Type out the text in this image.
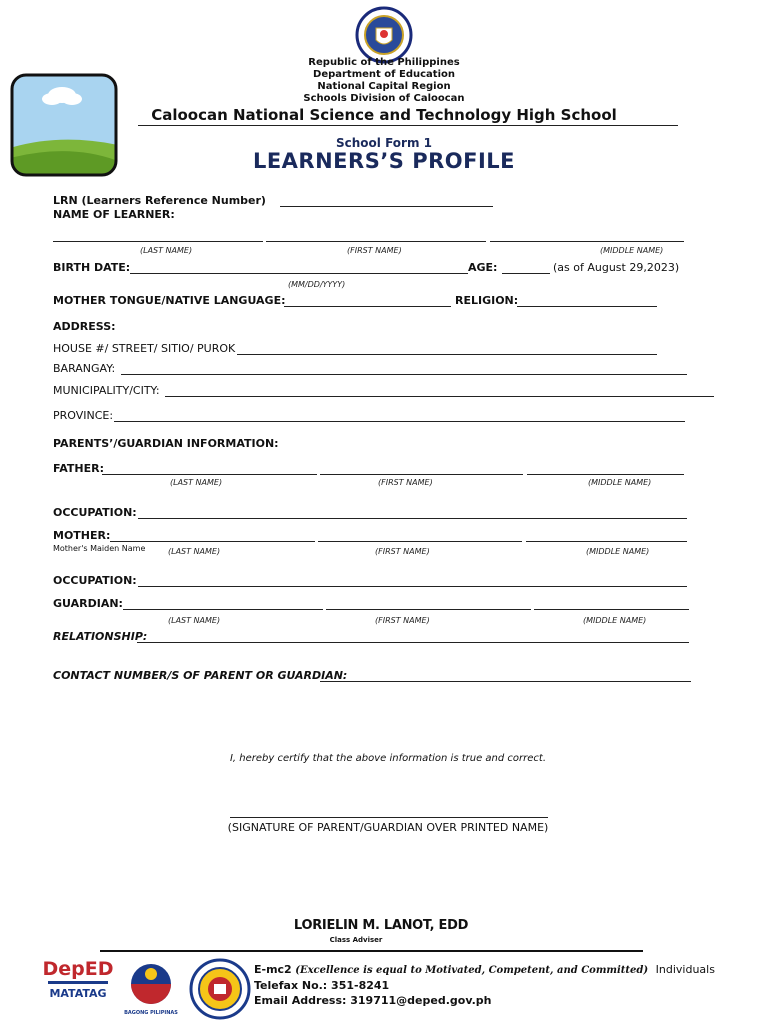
Republic of the Philippines
Department of Education
National Capital Region
Schools Division of Caloocan
Caloocan National Science and Technology High School
School Form 1
LEARNERS’S PROFILE
LRN (Learners Reference Number)
NAME OF LEARNER:
(LAST NAME)	(FIRST NAME)	(MIDDLE NAME)
BIRTH DATE:	AGE:	(as of August 29,2023)
(MM/DD/YYYY)
MOTHER TONGUE/NATIVE LANGUAGE:	RELIGION:
ADDRESS:
HOUSE #/ STREET/ SITIO/ PUROK
BARANGAY:
MUNICIPALITY/CITY:
PROVINCE:
PARENTS’/GUARDIAN INFORMATION:
FATHER:
(LAST NAME)	(FIRST NAME)	(MIDDLE NAME)
OCCUPATION:
MOTHER:
Mother's Maiden Name	(LAST NAME)	(FIRST NAME)	(MIDDLE NAME)
OCCUPATION:
GUARDIAN:
(LAST NAME)	(FIRST NAME)	(MIDDLE NAME)
RELATIONSHIP:
CONTACT NUMBER/S OF PARENT OR GUARDIAN:
I, hereby certify that the above information is true and correct.
(SIGNATURE OF PARENT/GUARDIAN OVER PRINTED NAME)
LORIELIN M. LANOT, EDD
Class Adviser
DepED
MATATAG
BAGONG PILIPINAS
E-mc2 (Excellence is equal to Motivated, Competent, and Committed) Individuals
Telefax No.: 351-8241
Email Address: 319711@deped.gov.ph
